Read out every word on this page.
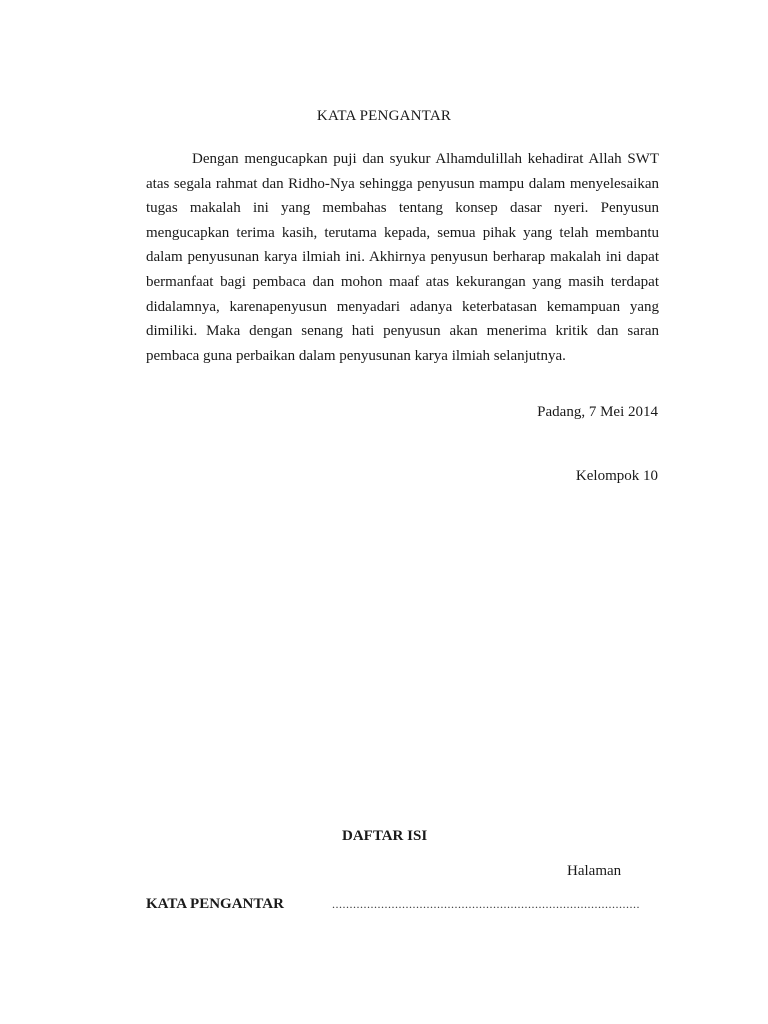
KATA PENGANTAR

Dengan mengucapkan puji dan syukur Alhamdulillah kehadirat Allah SWT atas segala rahmat dan Ridho-Nya sehingga penyusun mampu dalam menyelesaikan tugas makalah ini yang membahas tentang konsep dasar nyeri. Penyusun mengucapkan terima kasih, terutama kepada, semua pihak yang telah membantu dalam penyusunan karya ilmiah ini. Akhirnya penyusun berharap makalah ini dapat bermanfaat bagi pembaca dan mohon maaf atas kekurangan yang masih terdapat didalamnya, karenapenyusun menyadari adanya keterbatasan kemampuan yang dimiliki. Maka dengan senang hati penyusun akan menerima kritik dan saran pembaca guna perbaikan dalam penyusunan karya ilmiah selanjutnya.

Padang, 7 Mei 2014
Kelompok 10
DAFTAR ISI
Halaman
KATA PENGANTAR	........................................................................................
